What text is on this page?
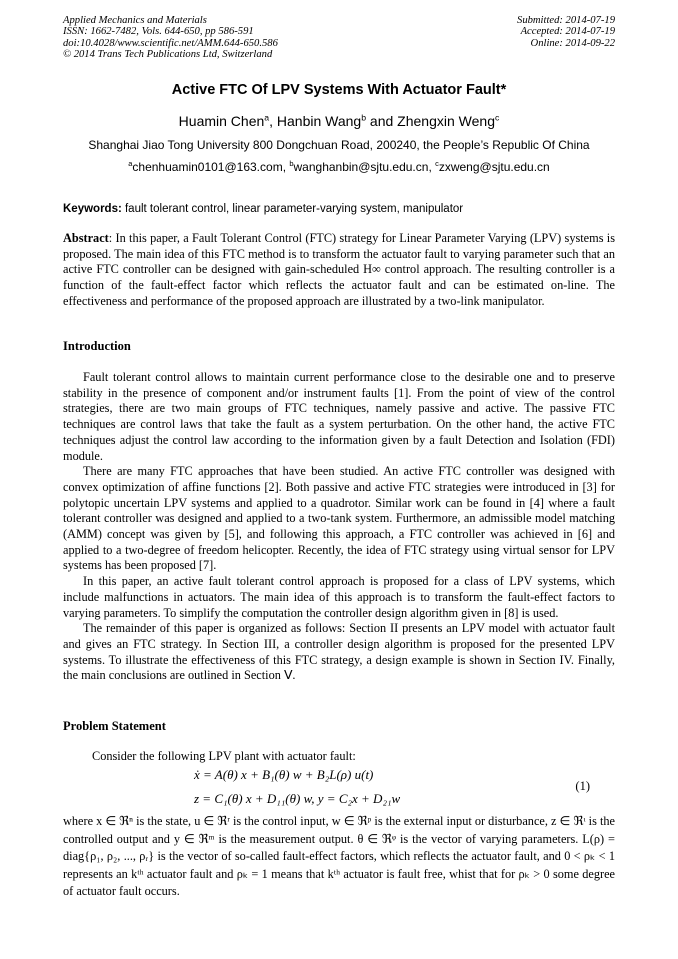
Applied Mechanics and Materials
ISSN: 1662-7482, Vols. 644-650, pp 586-591
doi:10.4028/www.scientific.net/AMM.644-650.586
© 2014 Trans Tech Publications Ltd, Switzerland
Submitted: 2014-07-19
Accepted: 2014-07-19
Online: 2014-09-22
Active FTC Of LPV Systems With Actuator Fault*
Huamin Chen$^a$, Hanbin Wang$^b$ and Zhengxin Weng$^c$
Shanghai Jiao Tong University 800 Dongchuan Road, 200240, the People’s Republic Of China
$^a$chenhuamin0101@163.com, $^b$wanghanbin@sjtu.edu.cn, $^c$zxweng@sjtu.edu.cn
Keywords: fault tolerant control, linear parameter-varying system, manipulator

Abstract: In this paper, a Fault Tolerant Control (FTC) strategy for Linear Parameter Varying (LPV) systems is proposed. The main idea of this FTC method is to transform the actuator fault to varying parameter such that an active FTC controller can be designed with gain-scheduled H∞ control approach. The resulting controller is a function of the fault-effect factor which reflects the actuator fault and can be estimated on-line. The effectiveness and performance of the proposed approach are illustrated by a two-link manipulator.

Introduction

Fault tolerant control allows to maintain current performance close to the desirable one and to preserve stability in the presence of component and/or instrument faults [1]. From the point of view of the control strategies, there are two main groups of FTC techniques, namely passive and active. The passive FTC techniques are control laws that take the fault as a system perturbation. On the other hand, the active FTC techniques adjust the control law according to the information given by a fault Detection and Isolation (FDI) module.

There are many FTC approaches that have been studied. An active FTC controller was designed with convex optimization of affine functions [2]. Both passive and active FTC strategies were introduced in [3] for polytopic uncertain LPV systems and applied to a quadrotor. Similar work can be found in [4] where a fault tolerant controller was designed and applied to a two-tank system. Furthermore, an admissible model matching (AMM) concept was given by [5], and following this approach, a FTC controller was achieved in [6] and applied to a two-degree of freedom helicopter. Recently, the idea of FTC strategy using virtual sensor for LPV systems has been proposed [7].

In this paper, an active fault tolerant control approach is proposed for a class of LPV systems, which include malfunctions in actuators. The main idea of this approach is to transform the fault-effect factors to varying parameters. To simplify the computation the controller design algorithm given in [8] is used.

The remainder of this paper is organized as follows: Section II presents an LPV model with actuator fault and gives an FTC strategy. In Section III, a controller design algorithm is proposed for the presented LPV systems. To illustrate the effectiveness of this FTC strategy, a design example is shown in Section IV. Finally, the main conclusions are outlined in Section Ⅴ.

Problem Statement
Consider the following LPV plant with actuator fault:
ẋ = A(θ) x + B₁(θ) w + B₂L(ρ) u(t)
z = C₁(θ) x + D₁₁(θ) w, y = C₂x + D₂₁w
(1)
where x ∈ ℜⁿ is the state, u ∈ ℜʳ is the control input, w ∈ ℜᵖ is the external input or disturbance, z ∈ ℜᶥ is the controlled output and y ∈ ℜᵐ is the measurement output. θ ∈ ℜᵠ is the vector of varying parameters. L(ρ) = diag{ρ₁, ρ₂, ..., ρᵣ} is the vector of so-called fault-effect factors, which reflects the actuator fault, and 0 < ρₖ < 1 represents an kᵗʰ actuator fault and ρₖ = 1 means that kᵗʰ actuator is fault free, whist that for ρₖ > 0 some degree of actuator fault occurs.
